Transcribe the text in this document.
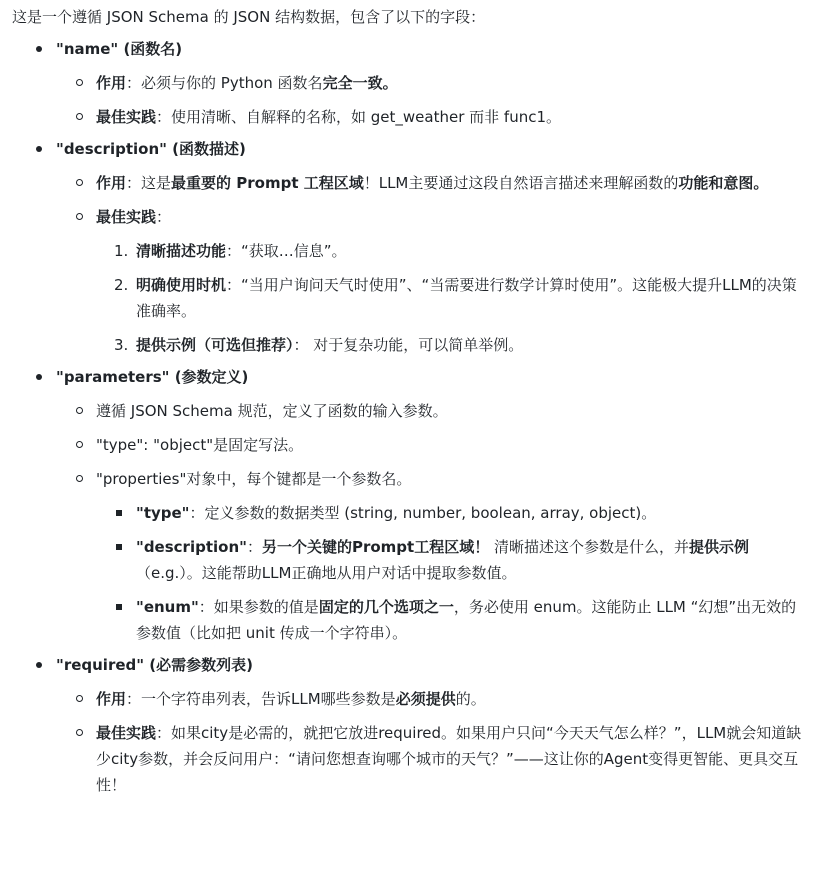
这是一个遵循 JSON Schema 的 JSON 结构数据，包含了以下的字段：
"name" (函数名)
作用：必须与你的 Python 函数名完全一致。
最佳实践：使用清晰、自解释的名称，如 get_weather 而非 func1。
"description" (函数描述)
作用：这是最重要的 Prompt 工程区域！LLM主要通过这段自然语言描述来理解函数的功能和意图。
最佳实践：
1. 清晰描述功能：“获取…信息”。
2. 明确使用时机：“当用户询问天气时使用”、“当需要进行数学计算时使用”。这能极大提升LLM的决策准确率。
3. 提供示例（可选但推荐）： 对于复杂功能，可以简单举例。
"parameters" (参数定义)
遵循 JSON Schema 规范，定义了函数的输入参数。
"type": "object"是固定写法。
"properties"对象中，每个键都是一个参数名。
"type"：定义参数的数据类型 (string, number, boolean, array, object)。
"description"：另一个关键的Prompt工程区域！ 清晰描述这个参数是什么，并提供示例（e.g.）。这能帮助LLM正确地从用户对话中提取参数值。
"enum"：如果参数的值是固定的几个选项之一，务必使用 enum。这能防止 LLM “幻想”出无效的参数值（比如把 unit 传成一个字符串）。
"required" (必需参数列表)
作用：一个字符串列表，告诉LLM哪些参数是必须提供的。
最佳实践：如果city是必需的，就把它放进required。如果用户只问“今天天气怎么样？”，LLM就会知道缺少city参数，并会反问用户：“请问您想查询哪个城市的天气？”——这让你的Agent变得更智能、更具交互性！
